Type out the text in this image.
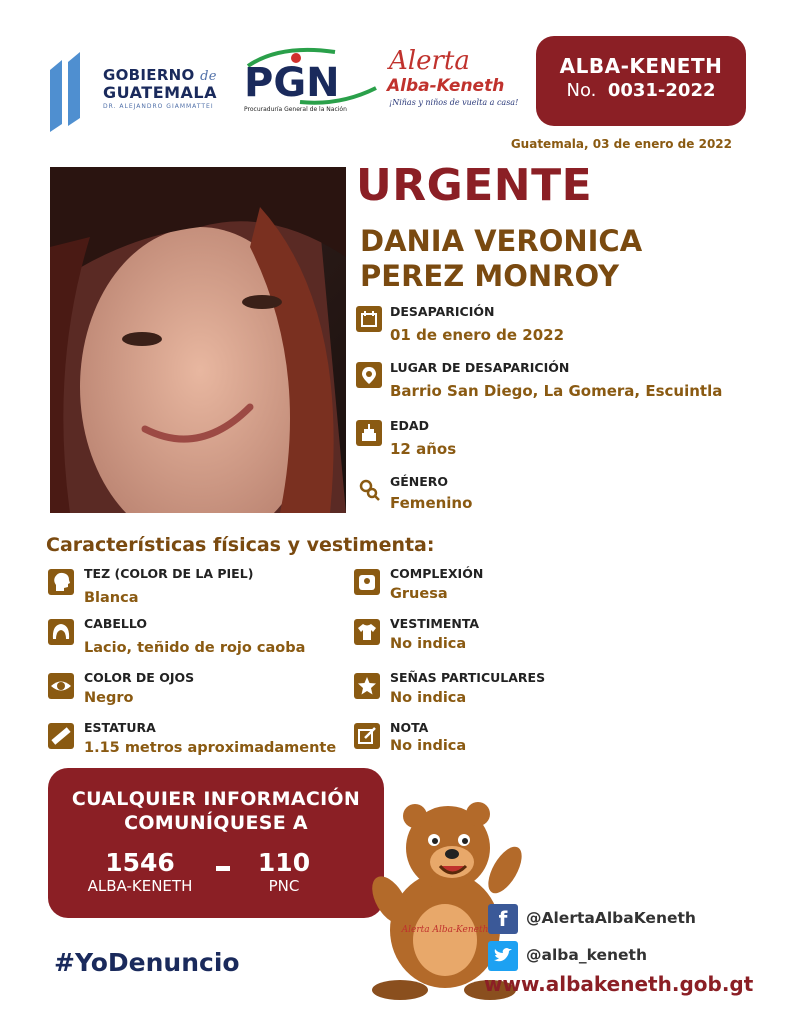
GOBIERNO de
GUATEMALA
DR. ALEJANDRO GIAMMATTEI
PGN
Procuraduría General de la Nación
Alerta
Alba-Keneth
¡Niñas y niños de vuelta a casa!
ALBA-KENETH
No. 0031-2022
Guatemala, 03 de enero de 2022
URGENTE
DANIA VERONICA PEREZ MONROY
DESAPARICIÓN
01 de enero de 2022
LUGAR DE DESAPARICIÓN
Barrio San Diego, La Gomera, Escuintla
EDAD
12 años
GÉNERO
Femenino
Características físicas y vestimenta:
TEZ (COLOR DE LA PIEL)
Blanca
CABELLO
Lacio, teñido de rojo caoba
COLOR DE OJOS
Negro
ESTATURA
1.15 metros aproximadamente
COMPLEXIÓN
Gruesa
VESTIMENTA
No indica
SEÑAS PARTICULARES
No indica
NOTA
No indica
CUALQUIER INFORMACIÓN
COMUNÍQUESE A
1546
ALBA-KENETH
110
PNC
Alerta Alba-Keneth f	@AlertaAlbaKeneth
@alba_keneth
www.albakeneth.gob.gt
#YoDenuncio
